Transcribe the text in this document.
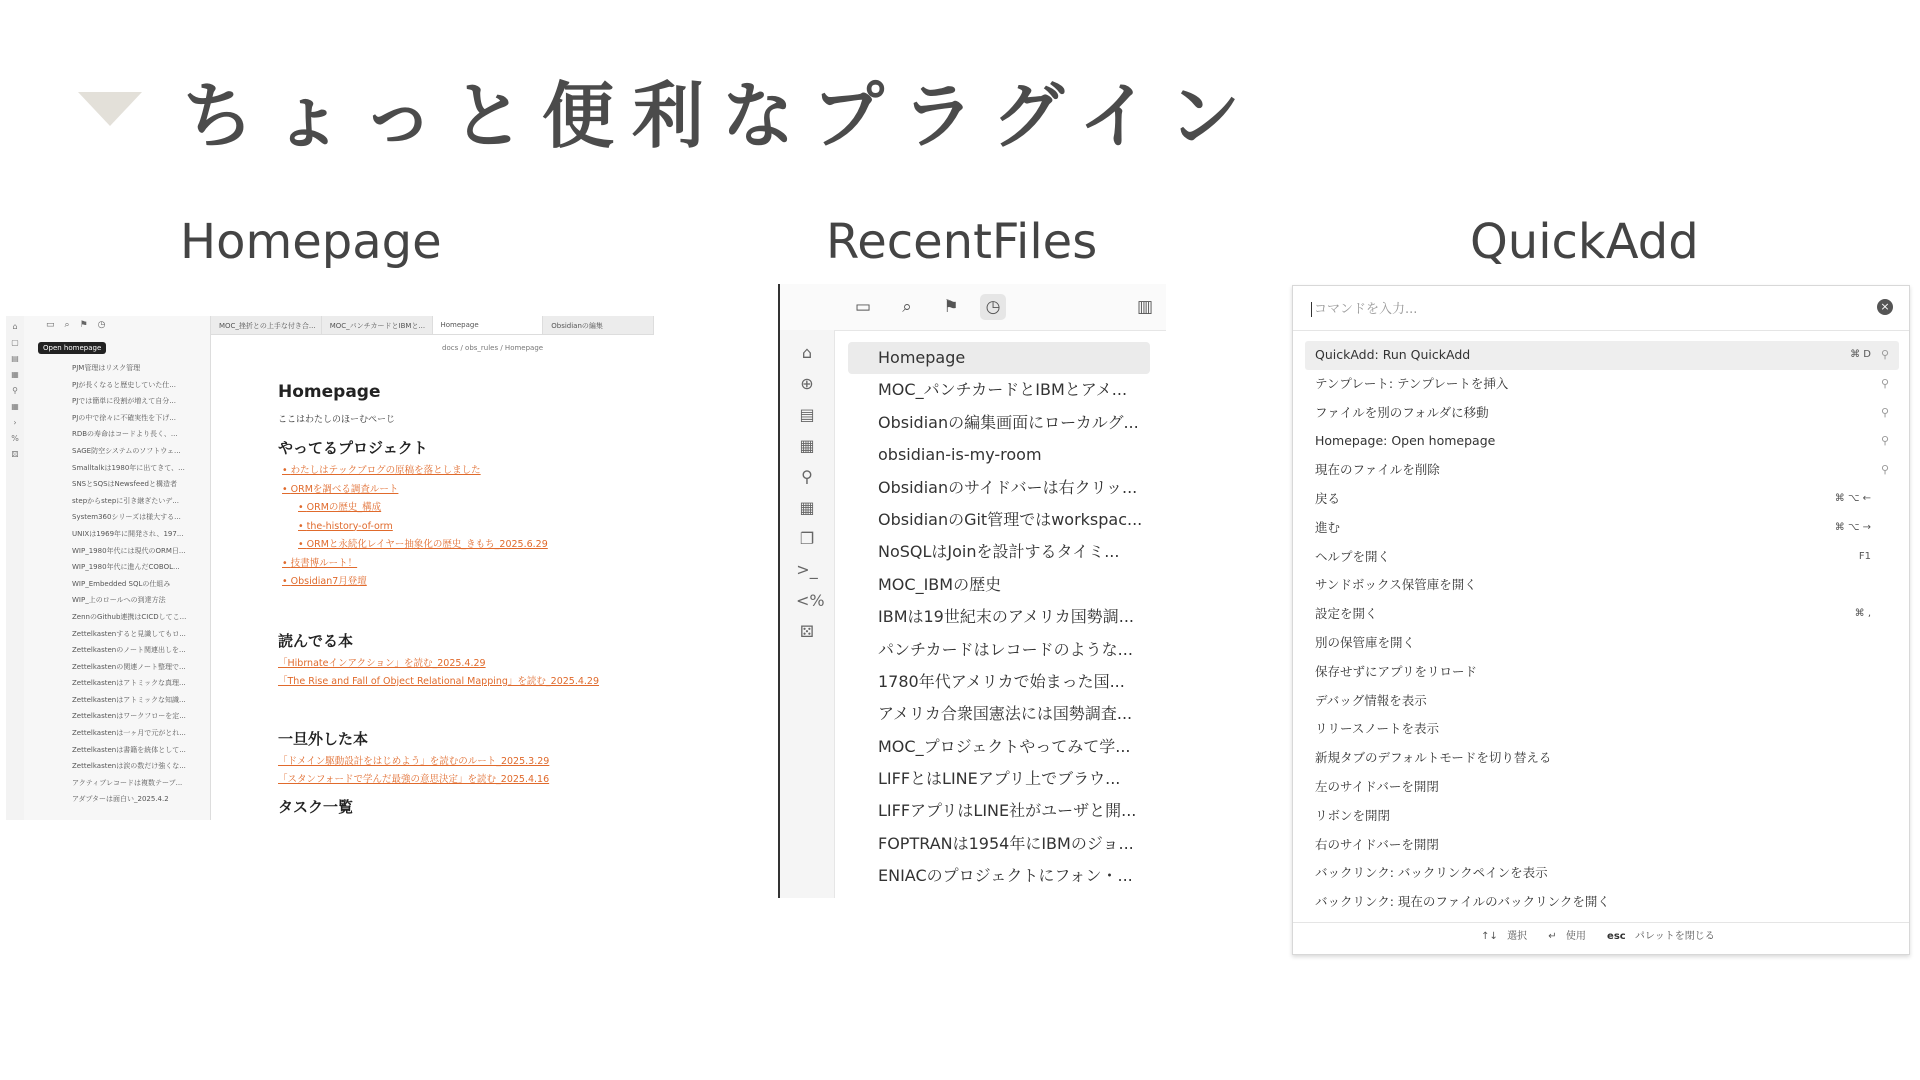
ちょっと便利なプラグイン
Homepage	RecentFiles	QuickAdd
⌂
▢
▤
▦
⚲
▦
›
%
⚄
▭ ⌕ ⚑ ◷
Open homepage
PJM管理はリスク管理
PJが長くなると歴史していた仕...
PJでは簡単に役割が増えて自分...
PJの中で徐々に不確実性を下げ...
RDBの寿命はコードより長く、...
SAGE防空システムのソフトウェ...
Smalltalkは1980年に出てきて、...
SNSとSQSはNewsfeedと構造者
stepからstepに引き継ぎたいデ...
System360シリーズは様大する...
UNIXは1969年に開発され、197...
WIP_1980年代には現代のORM日...
WIP_1980年代に進んだCOBOL...
WIP_Embedded SQLの仕組み
WIP_上のロールへの到達方法
ZennのGithub連携はCICDしてこ...
Zettelkastenすると見識してもロ...
Zettelkastenのノート関連出しを...
Zettelkastenの関連ノート整理で...
Zettelkastenはアトミックな真理...
Zettelkastenはアトミックな知識...
Zettelkastenはワークフローを定...
Zettelkastenは一ヶ月で元がとれ...
Zettelkastenは書籍を統体として...
Zettelkastenは涙の数だけ強くな...
アクティブレコードは複数テーブ...
アダプターは面白い_2025.4.2
MOC_挫折との上手な付き合...	MOC_パンチカードとIBMと...	Homepage	Obsidianの編集
docs / obs_rules / Homepage
Homepage

ここはわたしのほーむぺーじ

やってるプロジェクト
• わたしはテックブログの原稿を落としました
• ORMを調べる調査ルート
• ORMの歴史_構成
• the-history-of-orm
• ORMと永続化レイヤー抽象化の歴史_きもち_2025.6.29
• 技書博ルート！
• Obsidian7月登壇
読んでる本
「Hibrnateインアクション」を読む_2025.4.29
「The Rise and Fall of Object Relational Mapping」を読む_2025.4.29
一旦外した本
「ドメイン駆動設計をはじめよう」を読むのルート_2025.3.29
「スタンフォードで学んだ最強の意思決定」を読む_2025.4.16
タスク一覧
▭	⌕	⚑	◷	▥
⌂
⊕
▤
▦
⚲
▦
❐
>_
<%
⚄
Homepage
MOC_パンチカードとIBMとアメ...
Obsidianの編集画面にローカルグ...
obsidian-is-my-room
Obsidianのサイドバーは右クリッ...
ObsidianのGit管理ではworkspac...
NoSQLはJoinを設計するタイミ...
MOC_IBMの歴史
IBMは19世紀末のアメリカ国勢調...
パンチカードはレコードのような...
1780年代アメリカで始まった国...
アメリカ合衆国憲法には国勢調査...
MOC_プロジェクトやってみて学...
LIFFとはLINEアプリ上でブラウ...
LIFFアプリはLINE社がユーザと開...
FOPTRANは1954年にIBMのジョ...
ENIACのプロジェクトにフォン・...
コマンドを入力...	×
QuickAdd: Run QuickAdd	⌘ D ⚲
テンプレート: テンプレートを挿入	⚲
ファイルを別のフォルダに移動	⚲
Homepage: Open homepage	⚲
現在のファイルを削除	⚲
戻る	⌘ ⌥ ←
進む	⌘ ⌥ →
ヘルプを開く	F1
サンドボックス保管庫を開く
設定を開く	⌘ ,
別の保管庫を開く
保存せずにアプリをリロード
デバッグ情報を表示
リリースノートを表示
新規タブのデフォルトモードを切り替える
左のサイドバーを開閉
リボンを開閉
右のサイドバーを開閉
バックリンク: バックリンクペインを表示
バックリンク: 現在のファイルのバックリンクを開く
↑↓ 選択 ↵ 使用 esc パレットを閉じる
